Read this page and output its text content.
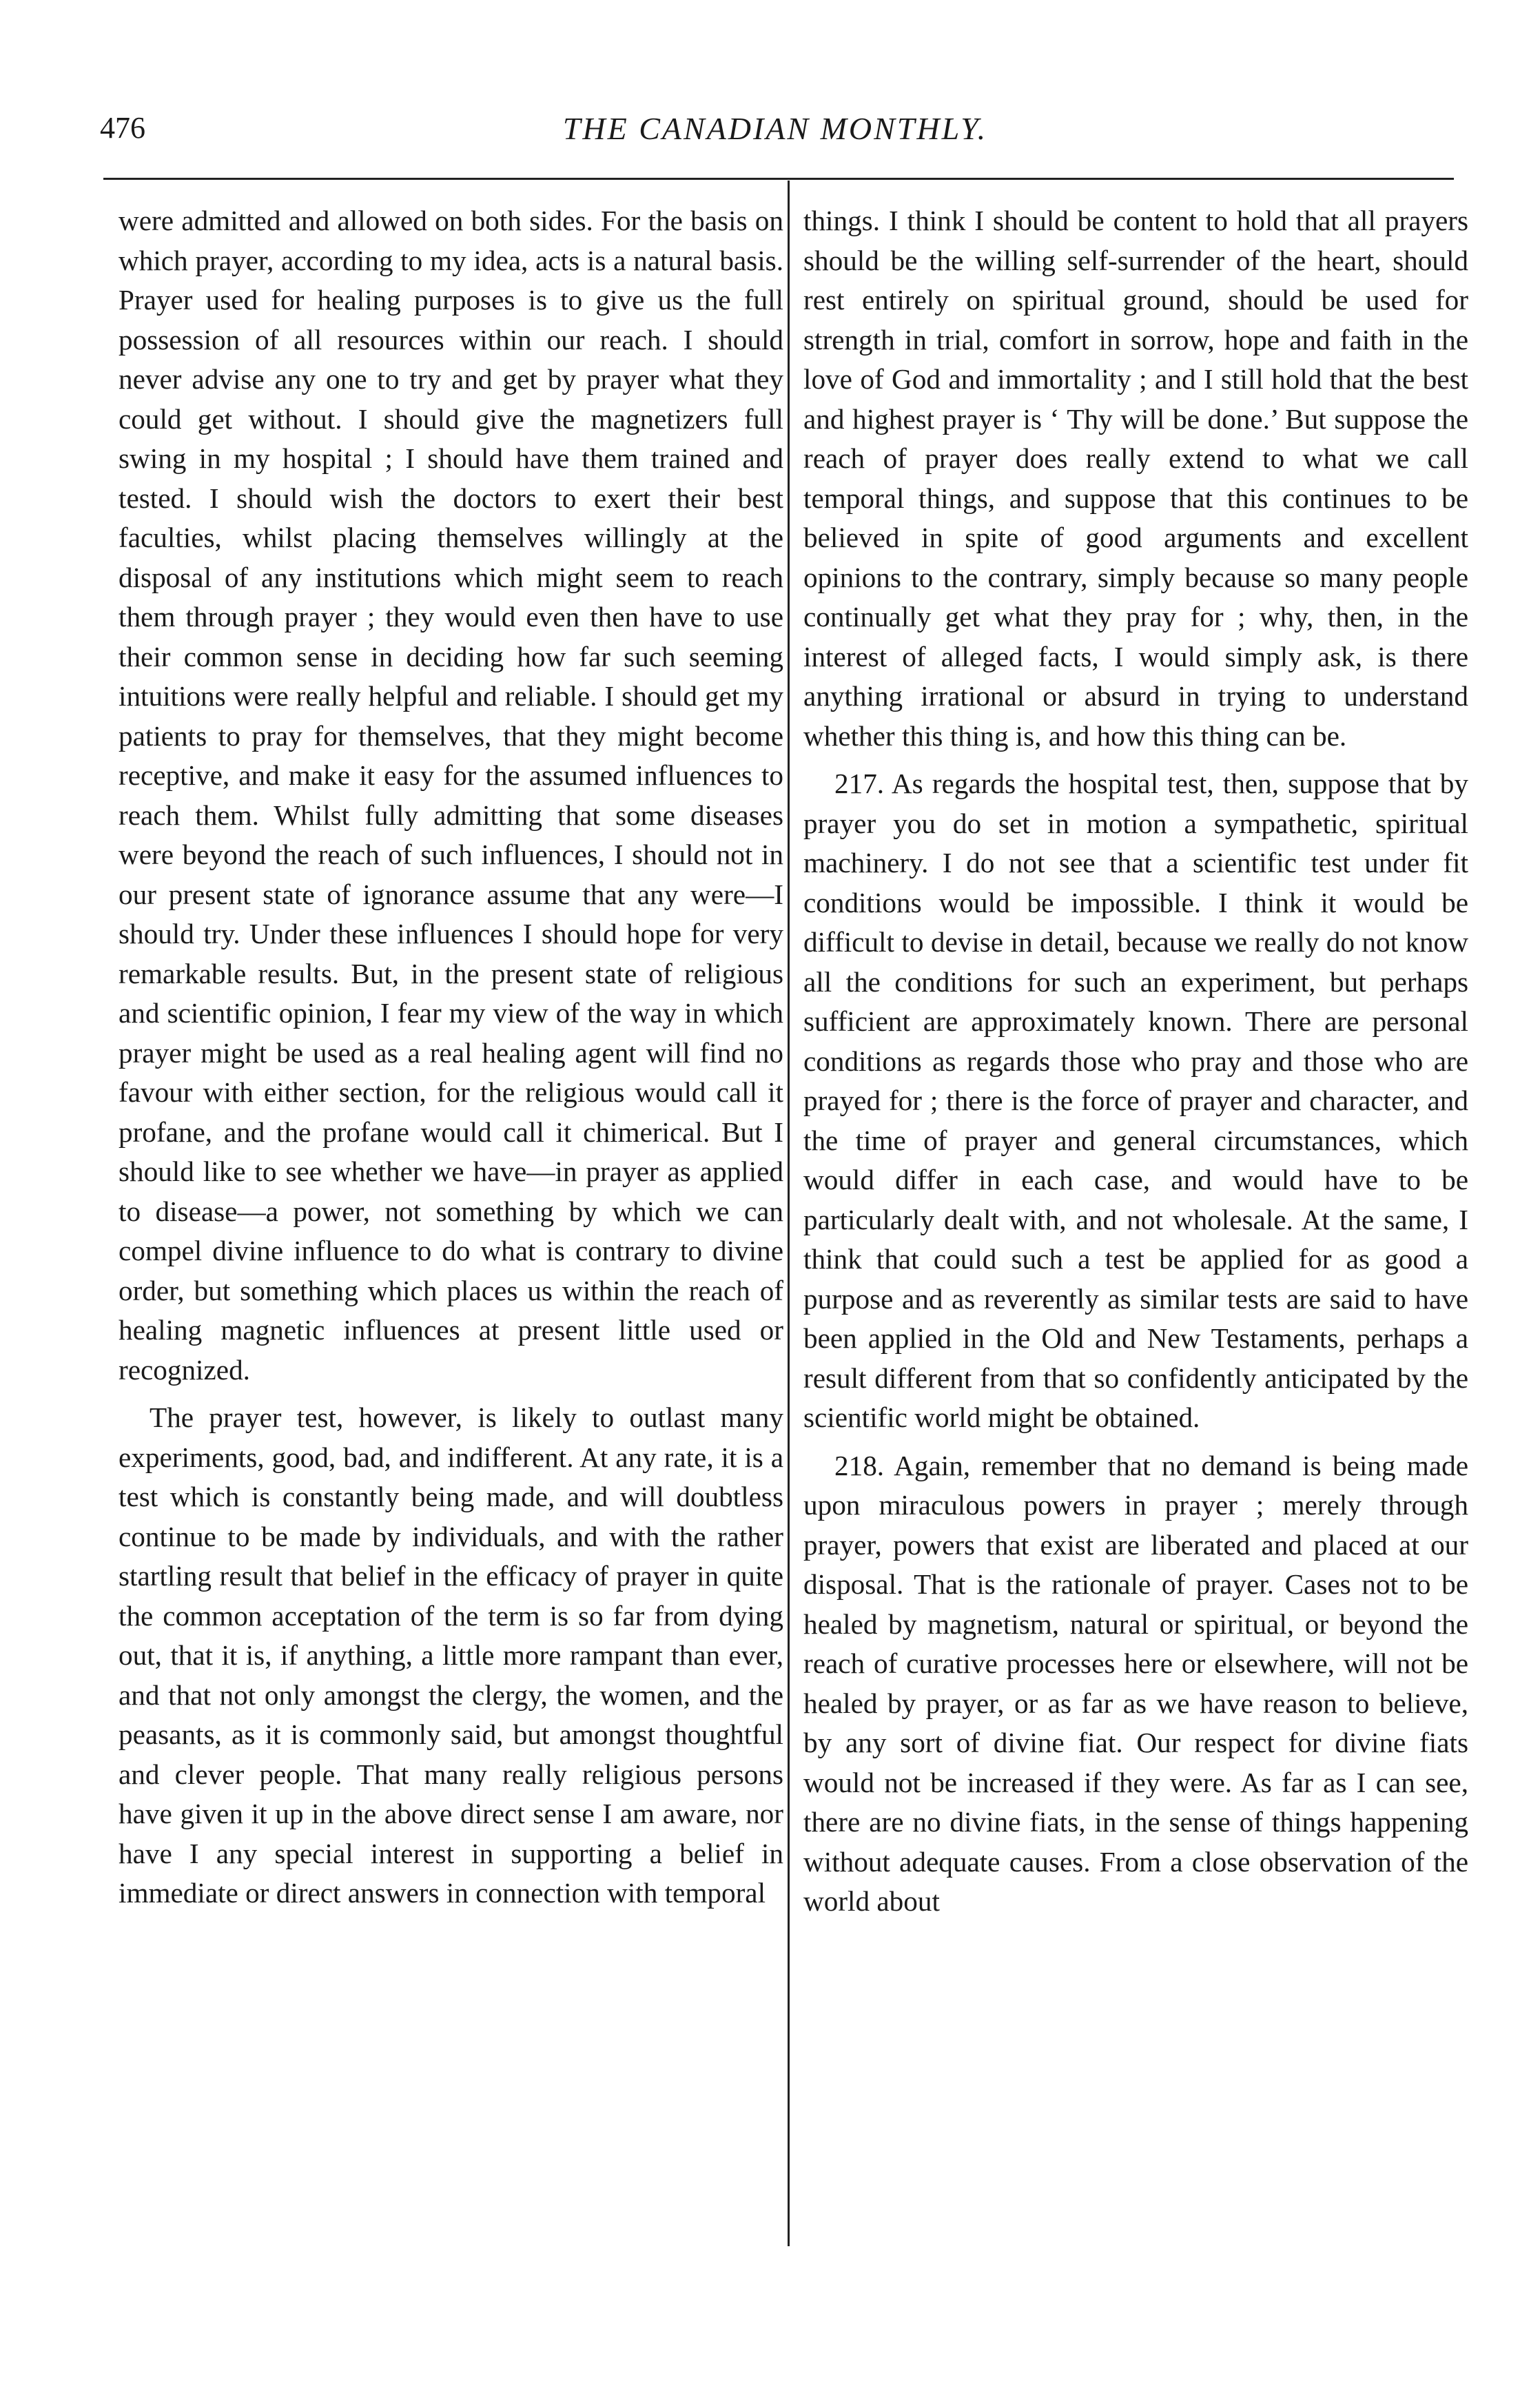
476	THE CANADIAN MONTHLY.

were admitted and allowed on both sides. For the basis on which prayer, according to my idea, acts is a natural basis. Prayer used for healing purposes is to give us the full possession of all resources within our reach. I should never advise any one to try and get by prayer what they could get without. I should give the magnetizers full swing in my hospital ; I should have them trained and tested. I should wish the doctors to exert their best faculties, whilst placing themselves willingly at the disposal of any institutions which might seem to reach them through prayer ; they would even then have to use their common sense in deciding how far such seeming intuitions were really helpful and reliable. I should get my patients to pray for themselves, that they might become receptive, and make it easy for the assumed influences to reach them. Whilst fully admitting that some diseases were beyond the reach of such influences, I should not in our present state of ignorance assume that any were—I should try. Under these influences I should hope for very remarkable results. But, in the present state of religious and scientific opinion, I fear my view of the way in which prayer might be used as a real healing agent will find no favour with either section, for the religious would call it profane, and the profane would call it chimerical. But I should like to see whether we have—in prayer as applied to disease—a power, not something by which we can compel divine influence to do what is contrary to divine order, but something which places us within the reach of healing magnetic influences at present little used or recognized.

The prayer test, however, is likely to outlast many experiments, good, bad, and indifferent. At any rate, it is a test which is constantly being made, and will doubtless continue to be made by individuals, and with the rather startling result that belief in the efficacy of prayer in quite the common acceptation of the term is so far from dying out, that it is, if anything, a little more rampant than ever, and that not only amongst the clergy, the women, and the peasants, as it is commonly said, but amongst thoughtful and clever people. That many really religious persons have given it up in the above direct sense I am aware, nor have I any special interest in supporting a belief in immediate or direct answers in connection with temporal

things. I think I should be content to hold that all prayers should be the willing self-surrender of the heart, should rest entirely on spiritual ground, should be used for strength in trial, comfort in sorrow, hope and faith in the love of God and immortality ; and I still hold that the best and highest prayer is ‘ Thy will be done.’ But suppose the reach of prayer does really extend to what we call temporal things, and suppose that this continues to be believed in spite of good arguments and excellent opinions to the contrary, simply because so many people continually get what they pray for ; why, then, in the interest of alleged facts, I would simply ask, is there anything irrational or absurd in trying to understand whether this thing is, and how this thing can be.

217. As regards the hospital test, then, suppose that by prayer you do set in motion a sympathetic, spiritual machinery. I do not see that a scientific test under fit conditions would be impossible. I think it would be difficult to devise in detail, because we really do not know all the conditions for such an experiment, but perhaps sufficient are approximately known. There are personal conditions as regards those who pray and those who are prayed for ; there is the force of prayer and character, and the time of prayer and general circumstances, which would differ in each case, and would have to be particularly dealt with, and not wholesale. At the same, I think that could such a test be applied for as good a purpose and as reverently as similar tests are said to have been applied in the Old and New Testaments, perhaps a result different from that so confidently anticipated by the scientific world might be obtained.

218. Again, remember that no demand is being made upon miraculous powers in prayer ; merely through prayer, powers that exist are liberated and placed at our disposal. That is the rationale of prayer. Cases not to be healed by magnetism, natural or spiritual, or beyond the reach of curative processes here or elsewhere, will not be healed by prayer, or as far as we have reason to believe, by any sort of divine fiat. Our respect for divine fiats would not be increased if they were. As far as I can see, there are no divine fiats, in the sense of things happening without adequate causes. From a close observation of the world about
